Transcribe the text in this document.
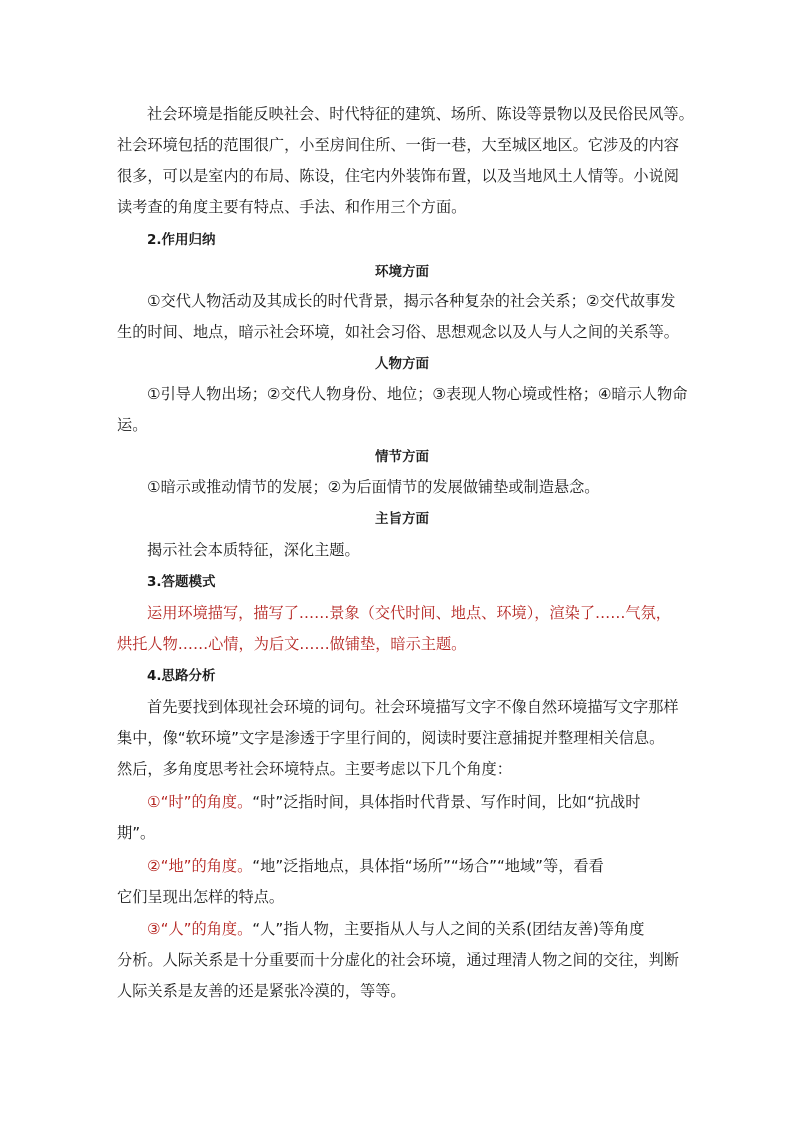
社会环境是指能反映社会、时代特征的建筑、场所、陈设等景物以及民俗民风等。
社会环境包括的范围很广，小至房间住所、一街一巷，大至城区地区。它涉及的内容
很多，可以是室内的布局、陈设，住宅内外装饰布置，以及当地风土人情等。小说阅
读考查的角度主要有特点、手法、和作用三个方面。
2.作用归纳
环境方面
①交代人物活动及其成长的时代背景，揭示各种复杂的社会关系；②交代故事发
生的时间、地点，暗示社会环境，如社会习俗、思想观念以及人与人之间的关系等。
人物方面
①引导人物出场；②交代人物身份、地位；③表现人物心境或性格；④暗示人物命
运。
情节方面
①暗示或推动情节的发展；②为后面情节的发展做铺垫或制造悬念。
主旨方面
揭示社会本质特征，深化主题。
3.答题模式
运用环境描写，描写了……景象（交代时间、地点、环境），渲染了……气氛，
烘托人物……心情，为后文……做铺垫，暗示主题。
4.思路分析
首先要找到体现社会环境的词句。社会环境描写文字不像自然环境描写文字那样
集中，像“软环境”文字是渗透于字里行间的，阅读时要注意捕捉并整理相关信息。
然后，多角度思考社会环境特点。主要考虑以下几个角度：
①“时”的角度。“时”泛指时间，具体指时代背景、写作时间，比如“抗战时
期”。
②“地”的角度。“地”泛指地点，具体指“场所”“场合”“地域”等，看看
它们呈现出怎样的特点。
③“人”的角度。“人”指人物，主要指从人与人之间的关系(团结友善)等角度
分析。人际关系是十分重要而十分虚化的社会环境，通过理清人物之间的交往，判断
人际关系是友善的还是紧张冷漠的，等等。
